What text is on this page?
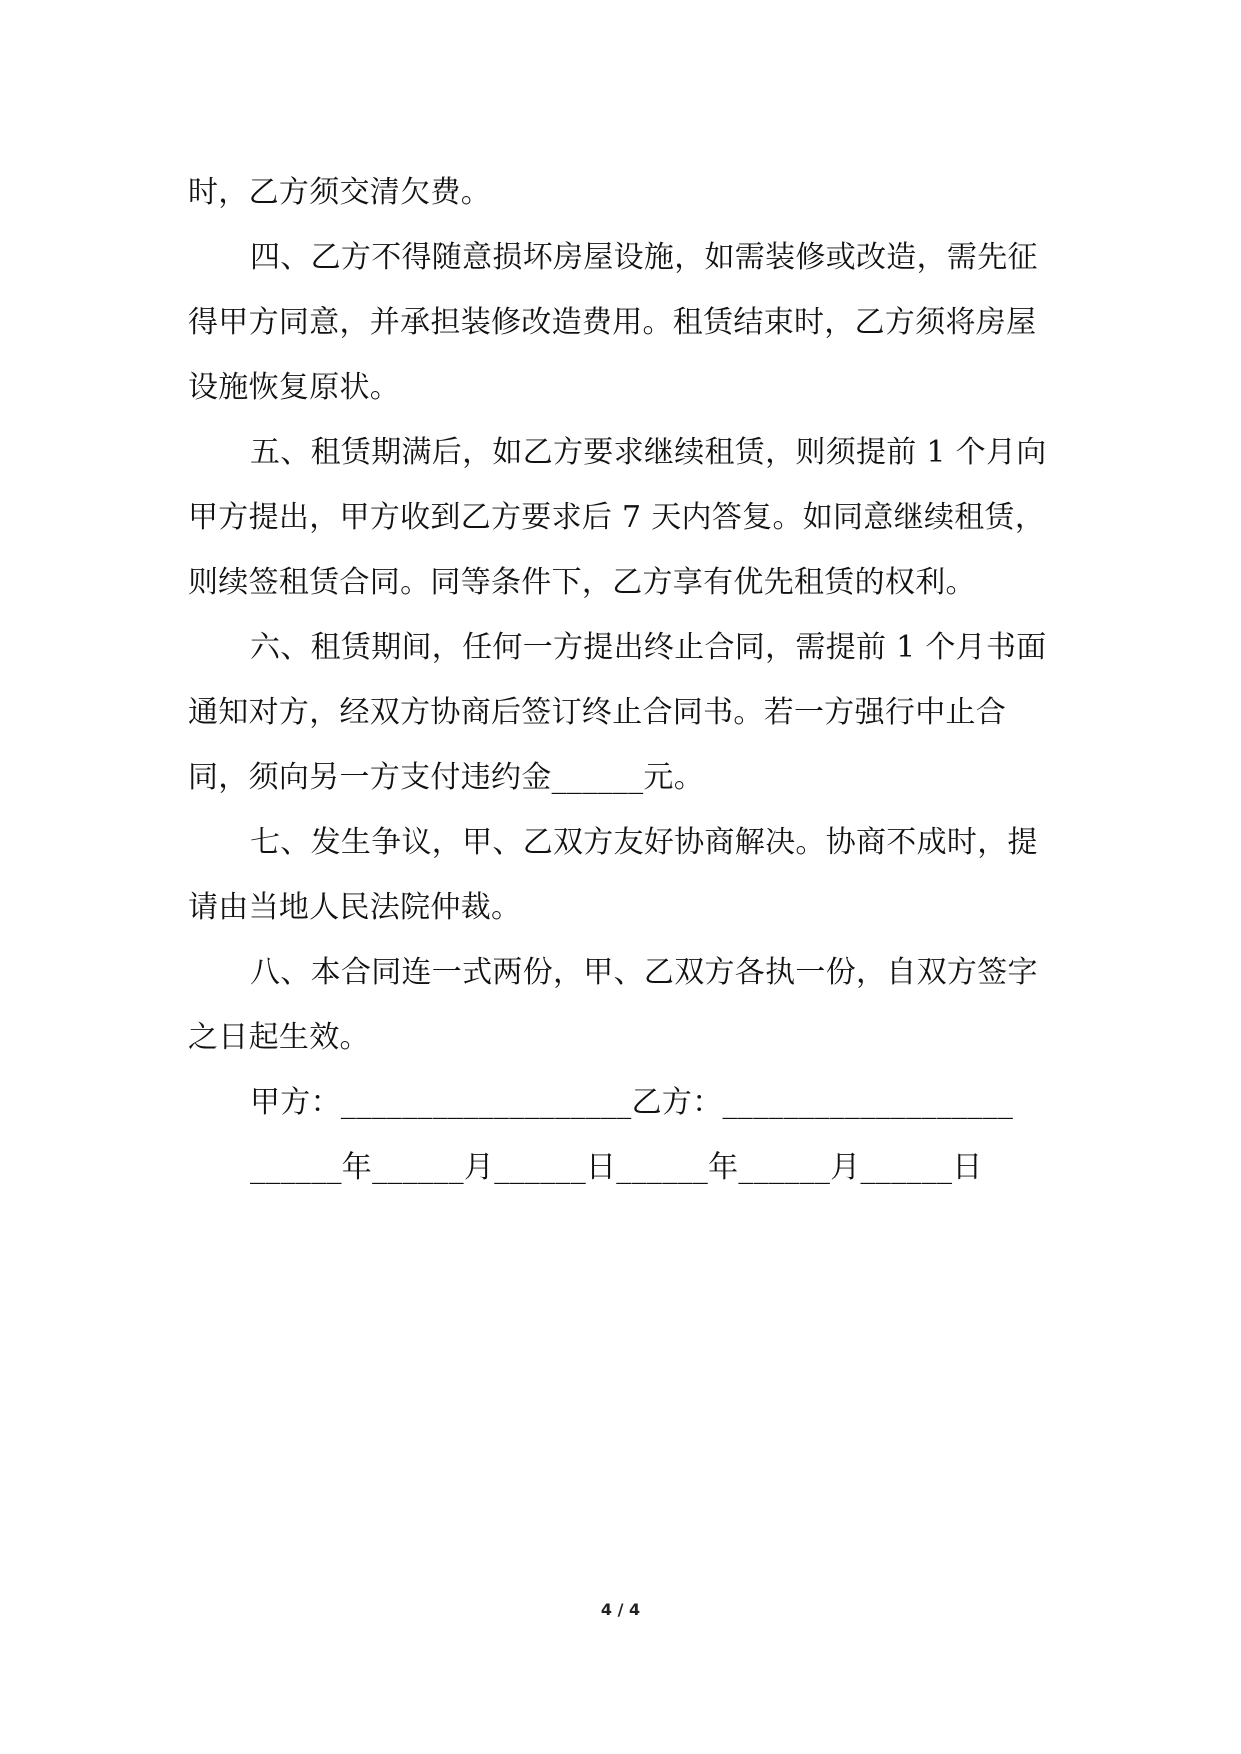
时，乙方须交清欠费。

四、乙方不得随意损坏房屋设施，如需装修或改造，需先征得甲方同意，并承担装修改造费用。租赁结束时，乙方须将房屋设施恢复原状。

五、租赁期满后，如乙方要求继续租赁，则须提前 1 个月向甲方提出，甲方收到乙方要求后 7 天内答复。如同意继续租赁，则续签租赁合同。同等条件下，乙方享有优先租赁的权利。

六、租赁期间，任何一方提出终止合同，需提前 1 个月书面通知对方，经双方协商后签订终止合同书。若一方强行中止合同，须向另一方支付违约金______元。

七、发生争议，甲、乙双方友好协商解决。协商不成时，提请由当地人民法院仲裁。

八、本合同连一式两份，甲、乙双方各执一份，自双方签字之日起生效。

甲方：___________________乙方：___________________

______年______月______日______年______月______日

4 / 4
